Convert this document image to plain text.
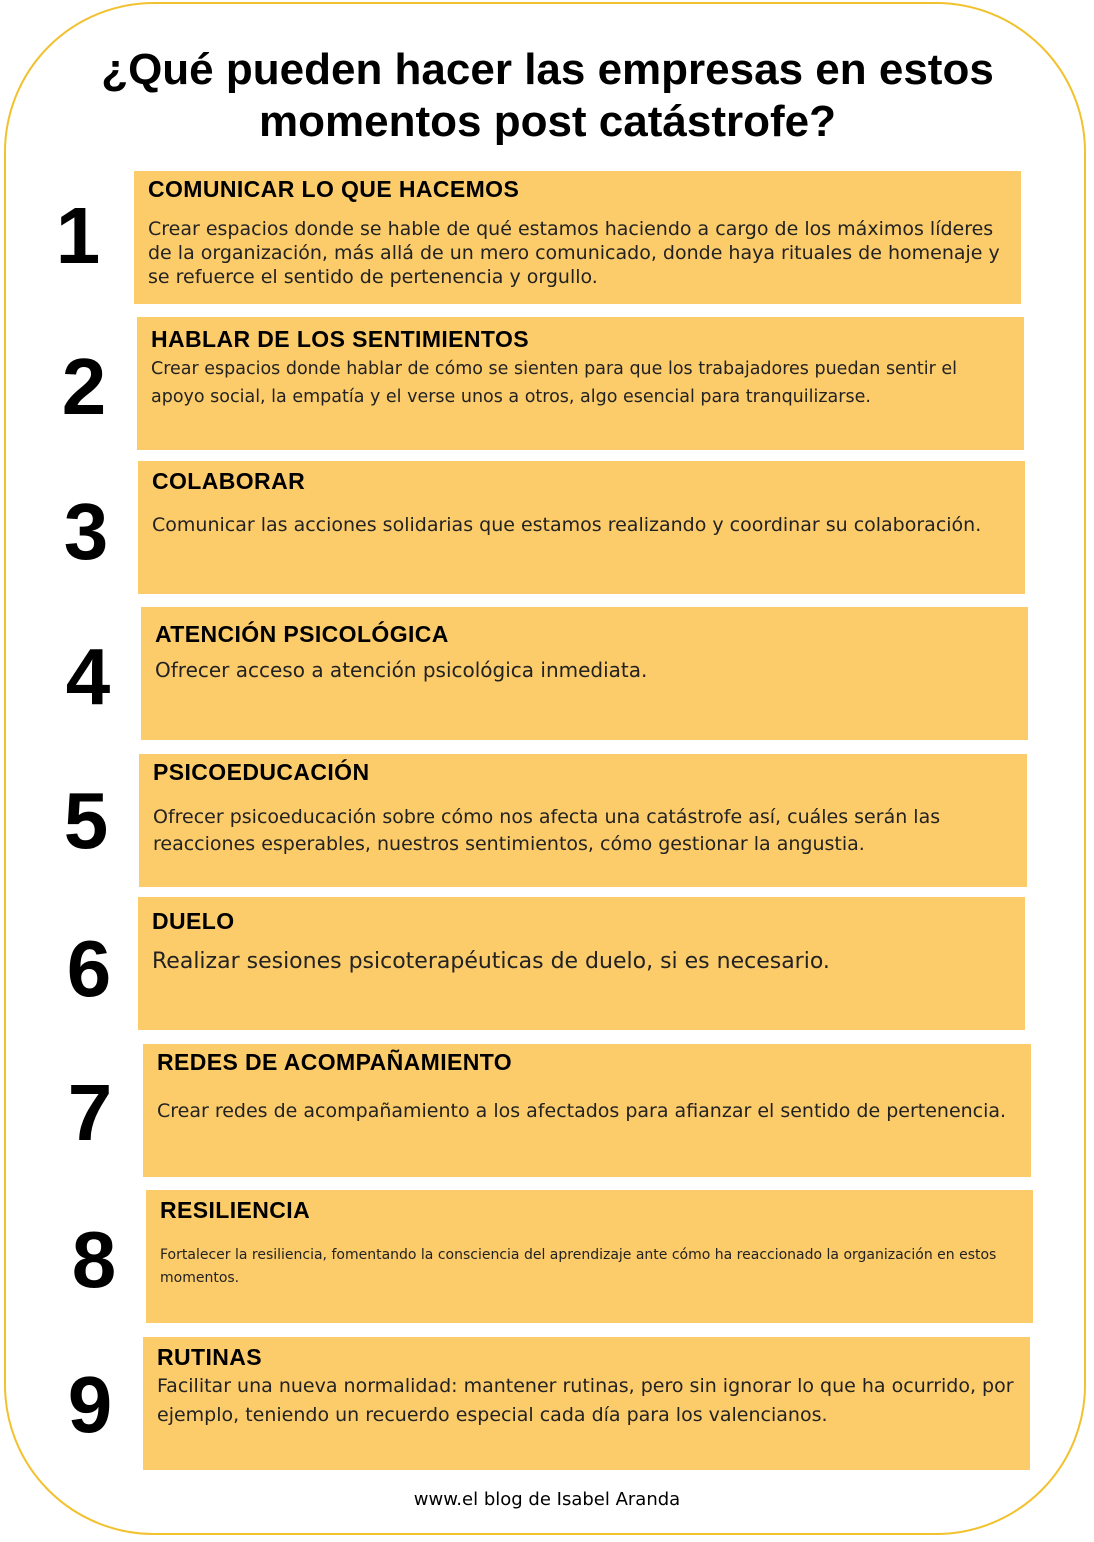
¿Qué pueden hacer las empresas en estos momentos post catástrofe?
1
COMUNICAR LO QUE HACEMOS

Crear espacios donde se hable de qué estamos haciendo a cargo de los máximos líderes de la organización, más allá de un mero comunicado, donde haya rituales de homenaje y se refuerce el sentido de pertenencia y orgullo.

2
HABLAR DE LOS SENTIMIENTOS

Crear espacios donde hablar de cómo se sienten para que los trabajadores puedan sentir el apoyo social, la empatía y el verse unos a otros, algo esencial para tranquilizarse.

3
COLABORAR

Comunicar las acciones solidarias que estamos realizando y coordinar su colaboración.

4	ATENCIÓN PSICOLÓGICA

Ofrecer acceso a atención psicológica inmediata.

5
PSICOEDUCACIÓN

Ofrecer psicoeducación sobre cómo nos afecta una catástrofe así, cuáles serán las reacciones esperables, nuestros sentimientos, cómo gestionar la angustia.

6
DUELO

Realizar sesiones psicoterapéuticas de duelo, si es necesario.

7
REDES DE ACOMPAÑAMIENTO

Crear redes de acompañamiento a los afectados para afianzar el sentido de pertenencia.

8
RESILIENCIA

Fortalecer la resiliencia, fomentando la consciencia del aprendizaje ante cómo ha reaccionado la organización en estos momentos.

9
RUTINAS

Facilitar una nueva normalidad: mantener rutinas, pero sin ignorar lo que ha ocurrido, por ejemplo, teniendo un recuerdo especial cada día para los valencianos.

www.el blog de Isabel Aranda
